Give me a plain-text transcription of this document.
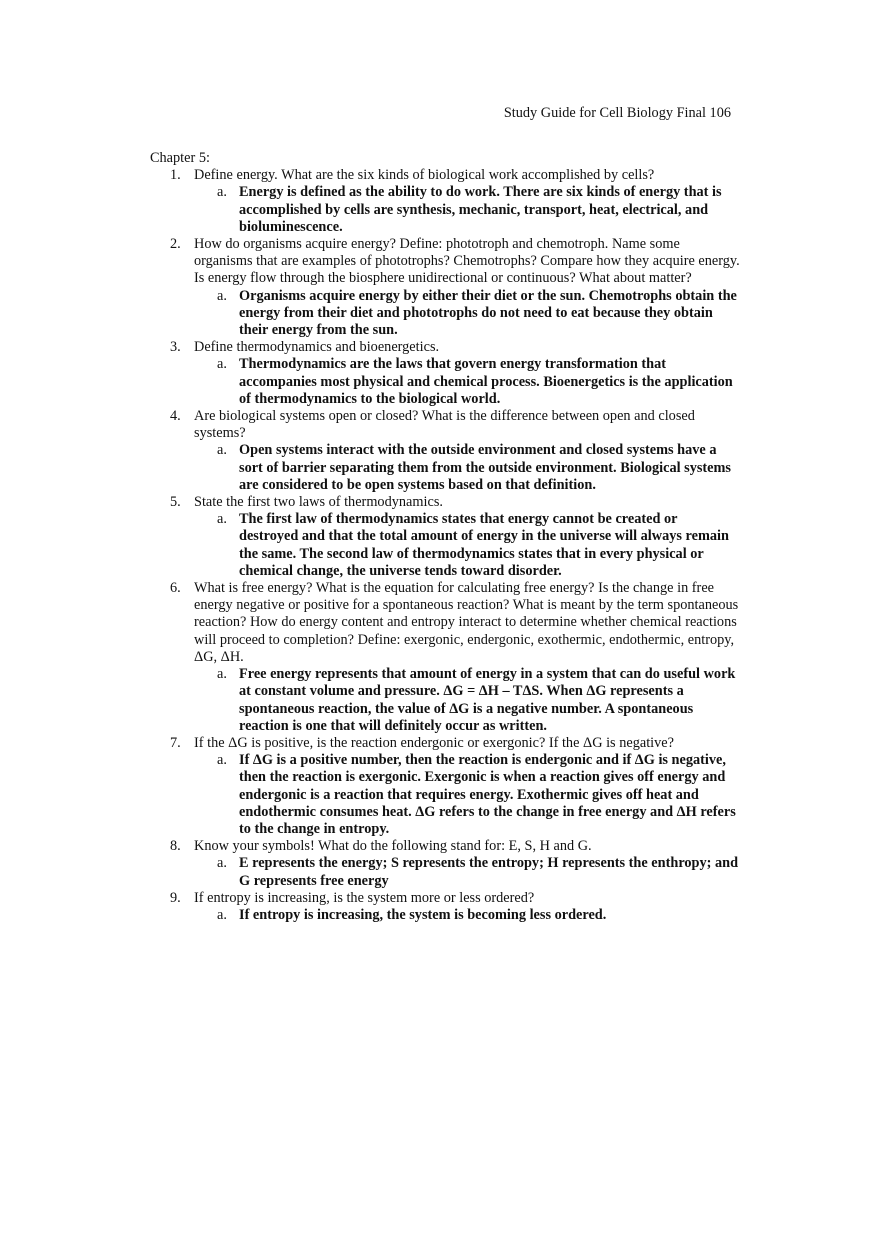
Study Guide for Cell Biology Final 106

Chapter 5:

1. Define energy. What are the six kinds of biological work accomplished by cells?

a. Energy is defined as the ability to do work. There are six kinds of energy that is accomplished by cells are synthesis, mechanic, transport, heat, electrical, and bioluminescence.
2. How do organisms acquire energy? Define: phototroph and chemotroph. Name some organisms that are examples of phototrophs? Chemotrophs? Compare how they acquire energy. Is energy flow through the biosphere unidirectional or continuous? What about matter?

a. Organisms acquire energy by either their diet or the sun. Chemotrophs obtain the energy from their diet and phototrophs do not need to eat because they obtain their energy from the sun.
3. Define thermodynamics and bioenergetics.

a. Thermodynamics are the laws that govern energy transformation that accompanies most physical and chemical process. Bioenergetics is the application of thermodynamics to the biological world.
4. Are biological systems open or closed? What is the difference between open and closed systems?

a. Open systems interact with the outside environment and closed systems have a sort of barrier separating them from the outside environment. Biological systems are considered to be open systems based on that definition.
5. State the first two laws of thermodynamics.

a. The first law of thermodynamics states that energy cannot be created or destroyed and that the total amount of energy in the universe will always remain the same. The second law of thermodynamics states that in every physical or chemical change, the universe tends toward disorder.
6. What is free energy? What is the equation for calculating free energy? Is the change in free energy negative or positive for a spontaneous reaction? What is meant by the term spontaneous reaction? How do energy content and entropy interact to determine whether chemical reactions will proceed to completion? Define: exergonic, endergonic, exothermic, endothermic, entropy, ΔG, ΔH.

a. Free energy represents that amount of energy in a system that can do useful work at constant volume and pressure. ΔG = ΔH – TΔS. When ΔG represents a spontaneous reaction, the value of ΔG is a negative number. A spontaneous reaction is one that will definitely occur as written.
7. If the ΔG is positive, is the reaction endergonic or exergonic? If the ΔG is negative?

a. If ΔG is a positive number, then the reaction is endergonic and if ΔG is negative, then the reaction is exergonic. Exergonic is when a reaction gives off energy and endergonic is a reaction that requires energy. Exothermic gives off heat and endothermic consumes heat. ΔG refers to the change in free energy and ΔH refers to the change in entropy.
8. Know your symbols! What do the following stand for: E, S, H and G.

a. E represents the energy; S represents the entropy; H represents the enthropy; and G represents free energy
9. If entropy is increasing, is the system more or less ordered?

a. If entropy is increasing, the system is becoming less ordered.
